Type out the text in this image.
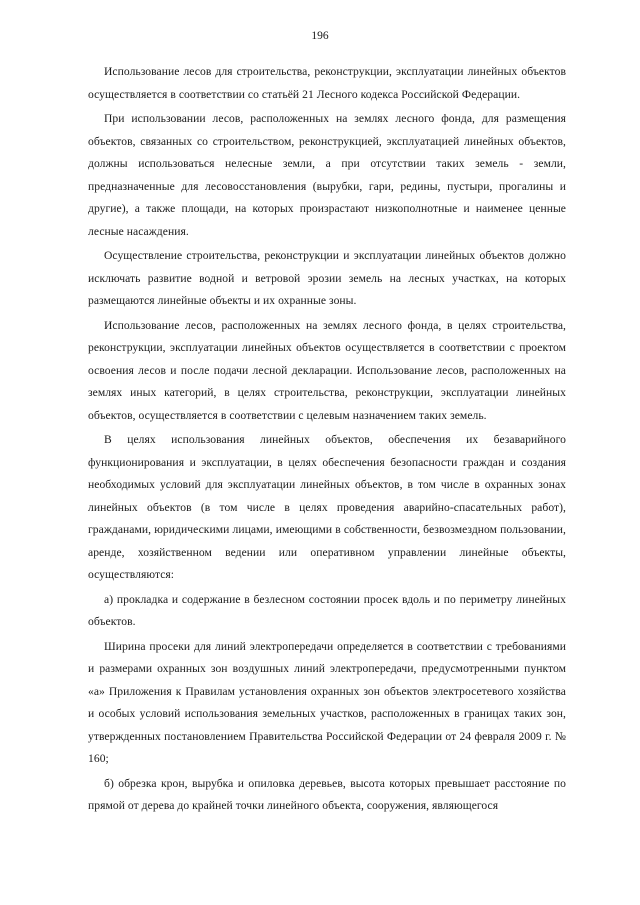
196

Использование лесов для строительства, реконструкции, эксплуатации линейных объектов осуществляется в соответствии со статьёй 21 Лесного кодекса Российской Федерации.

При использовании лесов, расположенных на землях лесного фонда, для размещения объектов, связанных со строительством, реконструкцией, эксплуатацией линейных объектов, должны использоваться нелесные земли, а при отсутствии таких земель - земли, предназначенные для лесовосстановления (вырубки, гари, редины, пустыри, прогалины и другие), а также площади, на которых произрастают низкополнотные и наименее ценные лесные насаждения.

Осуществление строительства, реконструкции и эксплуатации линейных объектов должно исключать развитие водной и ветровой эрозии земель на лесных участках, на которых размещаются линейные объекты и их охранные зоны.

Использование лесов, расположенных на землях лесного фонда, в целях строительства, реконструкции, эксплуатации линейных объектов осуществляется в соответствии с проектом освоения лесов и после подачи лесной декларации. Использование лесов, расположенных на землях иных категорий, в целях строительства, реконструкции, эксплуатации линейных объектов, осуществляется в соответствии с целевым назначением таких земель.

В целях использования линейных объектов, обеспечения их безаварийного функционирования и эксплуатации, в целях обеспечения безопасности граждан и создания необходимых условий для эксплуатации линейных объектов, в том числе в охранных зонах линейных объектов (в том числе в целях проведения аварийно-спасательных работ), гражданами, юридическими лицами, имеющими в собственности, безвозмездном пользовании, аренде, хозяйственном ведении или оперативном управлении линейные объекты, осуществляются:

а) прокладка и содержание в безлесном состоянии просек вдоль и по периметру линейных объектов.

Ширина просеки для линий электропередачи определяется в соответствии с требованиями и размерами охранных зон воздушных линий электропередачи, предусмотренными пунктом «а» Приложения к Правилам установления охранных зон объектов электросетевого хозяйства и особых условий использования земельных участков, расположенных в границах таких зон, утвержденных постановлением Правительства Российской Федерации от 24 февраля 2009 г. № 160;

б) обрезка крон, вырубка и опиловка деревьев, высота которых превышает расстояние по прямой от дерева до крайней точки линейного объекта, сооружения, являющегося
